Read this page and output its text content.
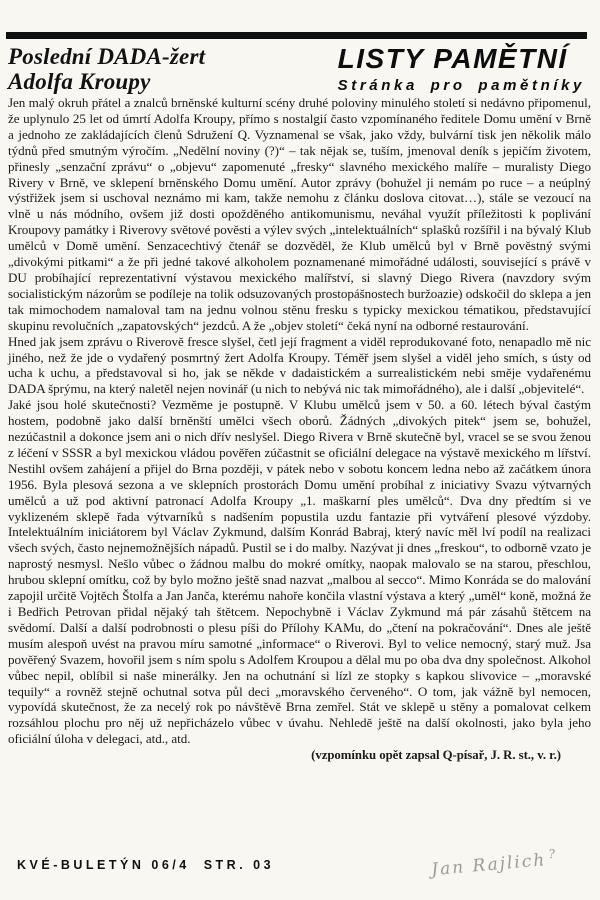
Poslední DADA-žert
Adolfa Kroupy
LISTY PAMĚTNÍ
Stránka pro pamětníky

Jen malý okruh přátel a znalců brněnské kulturní scény druhé poloviny minulého století si nedávno připomenul, že uplynulo 25 let od úmrtí Adolfa Kroupy, přímo s nostalgií často vzpomínaného ředitele Domu umění v Brně a jednoho ze zakládajících členů Sdružení Q. Vyznamenal se však, jako vždy, bulvární tisk jen několik málo týdnů před smutným výročím. „Nedělní noviny (?)“ – tak nějak se, tuším, jmenoval deník s jepičím životem, přinesly „senzační zprávu“ o „objevu“ zapomenuté „fresky“ slavného mexického malíře – muralisty Diego Rivery v Brně, ve sklepení brněnského Domu umění. Autor zprávy (bohužel ji nemám po ruce – a neúplný výstřižek jsem si uschoval neznámo mi kam, takže nemohu z článku doslova citovat…), stále se vezoucí na vlně u nás módního, ovšem již dosti opožděného antikomunismu, neváhal využít příležitosti k poplivání Kroupovy památky i Riverovy světové pověsti a výlev svých „intelektuálních“ splašků rozšířil i na bývalý Klub umělců v Domě umění. Senzacechtivý čtenář se dozvěděl, že Klub umělců byl v Brně pověstný svými „divokými pitkami“ a že při jedné takové alkoholem poznamenané mimořádné události, související s právě v DU probíhající reprezentativní výstavou mexického malířství, si slavný Diego Rivera (navzdory svým socialistickým názorům se podíleje na tolik odsuzovaných prostopášnostech buržoazie) odskočil do sklepa a jen tak mimochodem namaloval tam na jednu volnou stěnu fresku s typicky mexickou tématikou, představující skupinu revolučních „zapatovských“ jezdců. A že „objev století“ čeká nyní na odborné restaurování.

Hned jak jsem zprávu o Riverově fresce slyšel, četl její fragment a viděl reprodukované foto, nenapadlo mě nic jiného, než že jde o vydařený posmrtný žert Adolfa Kroupy. Téměř jsem slyšel a viděl jeho smích, s ústy od ucha k uchu, a představoval si ho, jak se někde v dadaistickém a surrealistickém nebi směje vydařenému DADA šprýmu, na který naletěl nejen novinář (u nich to nebývá nic tak mimořádného), ale i další „objevitelé“.

Jaké jsou holé skutečnosti? Vezměme je postupně. V Klubu umělců jsem v 50. a 60. létech býval častým hostem, podobně jako další brněnští umělci všech oborů. Žádných „divokých pitek“ jsem se, bohužel, nezúčastnil a dokonce jsem ani o nich dřív neslyšel. Diego Rivera v Brně skutečně byl, vracel se se svou ženou z léčení v SSSR a byl mexickou vládou pověřen zúčastnit se oficiální delegace na výstavě mexického m lířství. Nestihl ovšem zahájení a přijel do Brna později, v pátek nebo v sobotu koncem ledna nebo až začátkem února 1956. Byla plesová sezona a ve sklepních prostorách Domu umění probíhal z iniciativy Svazu výtvarných umělců a už pod aktivní patronací Adolfa Kroupy „1. maškarní ples umělců“. Dva dny předtím si ve vyklizeném sklepě řada výtvarníků s nadšením popustila uzdu fantazie při vytváření plesové výzdoby. Intelektuálním iniciátorem byl Václav Zykmund, dalším Konrád Babraj, který navíc měl lví podíl na realizaci všech svých, často nejnemožnějších nápadů. Pustil se i do malby. Nazývat ji dnes „freskou“, to odborně vzato je naprostý nesmysl. Nešlo vůbec o žádnou malbu do mokré omítky, naopak malovalo se na starou, přeschlou, hrubou sklepní omítku, což by bylo možno ještě snad nazvat „malbou al secco“. Mimo Konráda se do malování zapojil určitě Vojtěch Štolfa a Jan Janča, kterému nahoře končila vlastní výstava a který „uměl“ koně, možná že i Bedřich Petrovan přidal nějaký tah štětcem. Nepochybně i Václav Zykmund má pár zásahů štětcem na svědomí. Další a další podrobnosti o plesu píši do Přílohy KAMu, do „čtení na pokračování“. Dnes ale ještě musím alespoň uvést na pravou míru samotné „informace“ o Riverovi. Byl to velice nemocný, starý muž. Jsa pověřený Svazem, hovořil jsem s ním spolu s Adolfem Kroupou a dělal mu po oba dva dny společnost. Alkohol vůbec nepil, oblíbil si naše minerálky. Jen na ochutnání si lízl ze stopky s kapkou slivovice – „moravské tequily“ a rovněž stejně ochutnal sotva půl deci „moravského červeného“. O tom, jak vážně byl nemocen, vypovídá skutečnost, že za necelý rok po návštěvě Brna zemřel. Stát ve sklepě u stěny a pomalovat celkem rozsáhlou plochu pro něj už nepřicházelo vůbec v úvahu. Nehledě ještě na další okolnosti, jako byla jeho oficiální úloha v delegaci, atd., atd.

(vzpomínku opět zapsal Q-písař, J. R. st., v. r.)
KVÉ-BULETÝN 06/4 STR. 03	Jan Rajlich?
